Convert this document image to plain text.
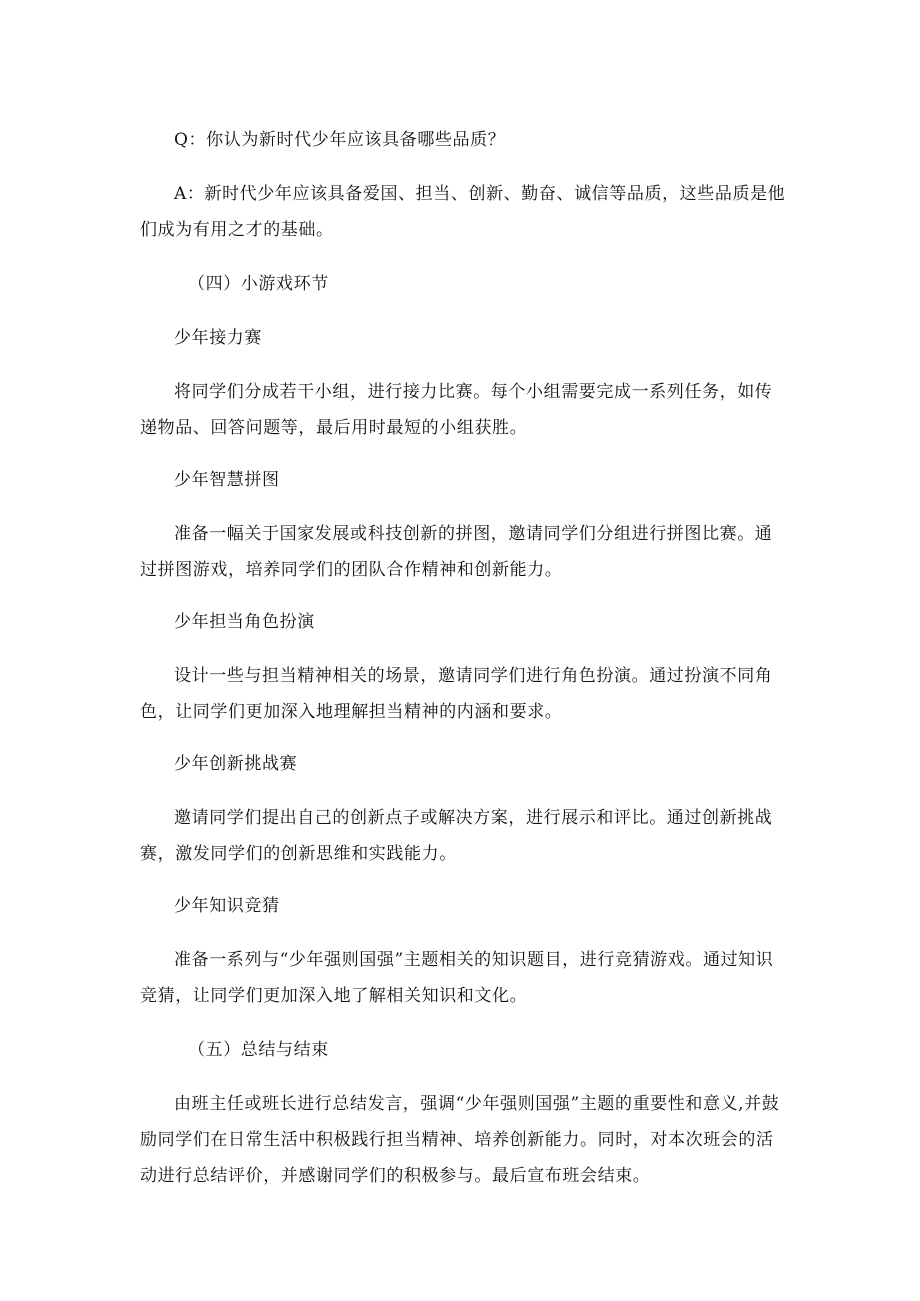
Q：你认为新时代少年应该具备哪些品质？

A：新时代少年应该具备爱国、担当、创新、勤奋、诚信等品质，这些品质是他们成为有用之才的基础。

（四）小游戏环节

少年接力赛

将同学们分成若干小组，进行接力比赛。每个小组需要完成一系列任务，如传递物品、回答问题等，最后用时最短的小组获胜。

少年智慧拼图

准备一幅关于国家发展或科技创新的拼图，邀请同学们分组进行拼图比赛。通过拼图游戏，培养同学们的团队合作精神和创新能力。

少年担当角色扮演

设计一些与担当精神相关的场景，邀请同学们进行角色扮演。通过扮演不同角色，让同学们更加深入地理解担当精神的内涵和要求。

少年创新挑战赛

邀请同学们提出自己的创新点子或解决方案，进行展示和评比。通过创新挑战赛，激发同学们的创新思维和实践能力。

少年知识竞猜

准备一系列与“少年强则国强”主题相关的知识题目，进行竞猜游戏。通过知识竞猜，让同学们更加深入地了解相关知识和文化。

（五）总结与结束

由班主任或班长进行总结发言，强调“少年强则国强”主题的重要性和意义,并鼓励同学们在日常生活中积极践行担当精神、培养创新能力。同时，对本次班会的活动进行总结评价，并感谢同学们的积极参与。最后宣布班会结束。
